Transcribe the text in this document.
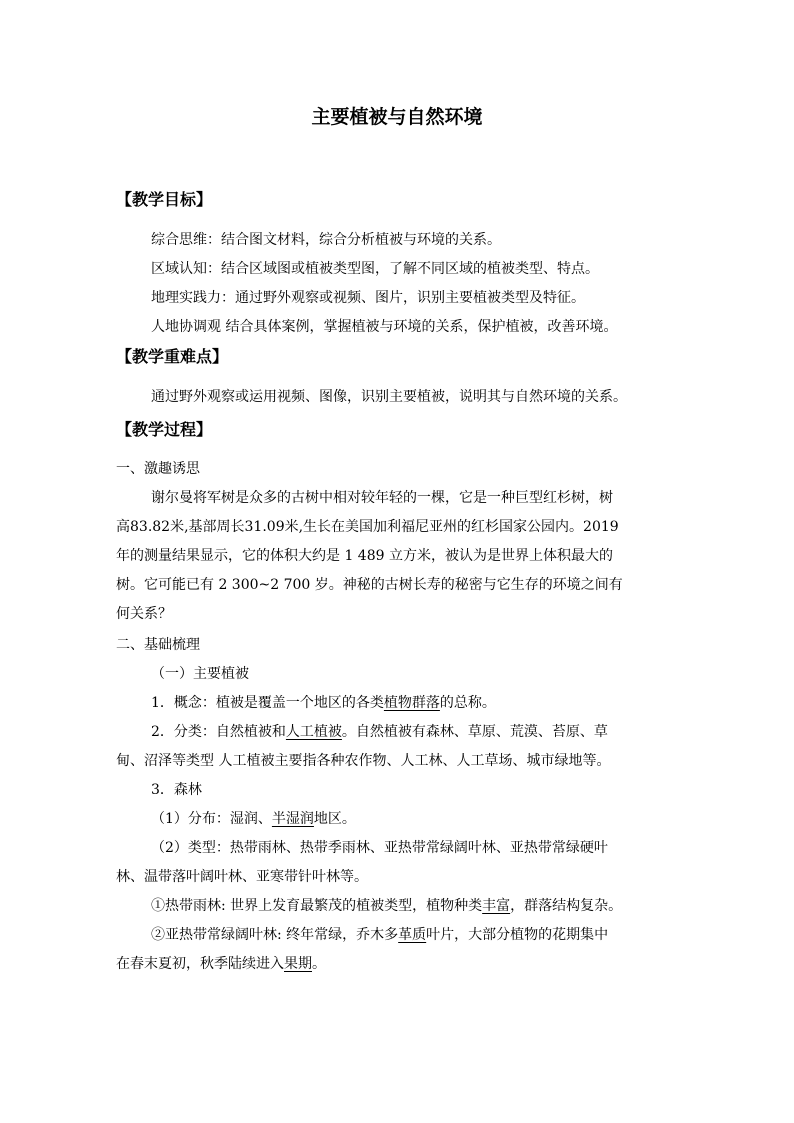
主要植被与自然环境
【教学目标】
综合思维：结合图文材料，综合分析植被与环境的关系。
区域认知：结合区域图或植被类型图，了解不同区域的植被类型、特点。
地理实践力：通过野外观察或视频、图片，识别主要植被类型及特征。
人地协调观 结合具体案例，掌握植被与环境的关系，保护植被，改善环境。
【教学重难点】
通过野外观察或运用视频、图像，识别主要植被，说明其与自然环境的关系。
【教学过程】
一、激趣诱思
谢尔曼将军树是众多的古树中相对较年轻的一棵，它是一种巨型红杉树，树
高83.82米,基部周长31.09米,生长在美国加利福尼亚州的红杉国家公园内。2019
年的测量结果显示，它的体积大约是 1 489 立方米，被认为是世界上体积最大的
树。它可能已有 2 300~2 700 岁。神秘的古树长寿的秘密与它生存的环境之间有
何关系？
二、基础梳理
（一）主要植被
1．概念：植被是覆盖一个地区的各类植物群落的总称。
2．分类：自然植被和人工植被。自然植被有森林、草原、荒漠、苔原、草
甸、沼泽等类型 人工植被主要指各种农作物、人工林、人工草场、城市绿地等。
3．森林
（1）分布：湿润、半湿润地区。
（2）类型：热带雨林、热带季雨林、亚热带常绿阔叶林、亚热带常绿硬叶
林、温带落叶阔叶林、亚寒带针叶林等。
①热带雨林: 世界上发育最繁茂的植被类型，植物种类丰富，群落结构复杂。
②亚热带常绿阔叶林: 终年常绿，乔木多革质叶片，大部分植物的花期集中
在春末夏初，秋季陆续进入果期。
